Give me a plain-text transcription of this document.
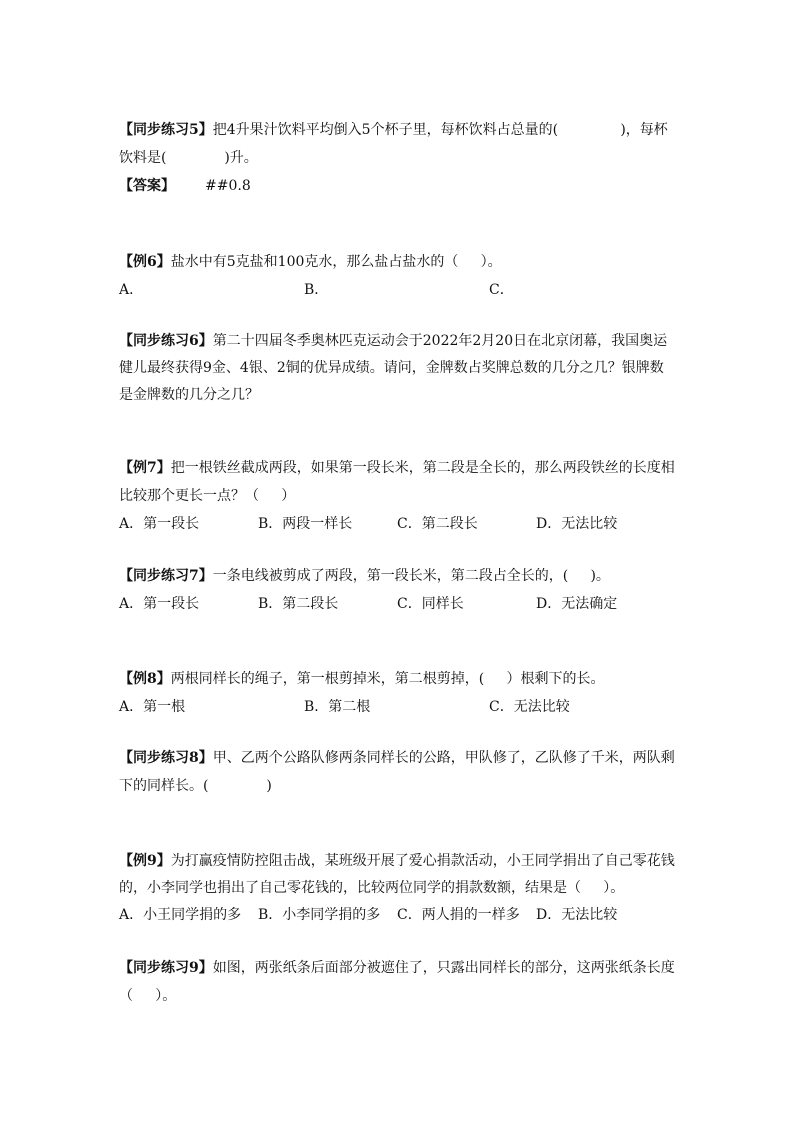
【同步练习5】把4升果汁饮料平均倒入5个杯子里，每杯饮料占总量的(              )，每杯
饮料是(             )升。
【答案】 ##0.8
【例6】盐水中有5克盐和100克水，那么盐占盐水的（     ）。
A．	B．	C．
【同步练习6】第二十四届冬季奥林匹克运动会于2022年2月20日在北京闭幕，我国奥运
健儿最终获得9金、4银、2铜的优异成绩。请问，金牌数占奖牌总数的几分之几？银牌数
是金牌数的几分之几？
【例7】把一根铁丝截成两段，如果第一段长米，第二段是全长的，那么两段铁丝的长度相
比较那个更长一点？（     ）
A．第一段长	B．两段一样长	C．第二段长	D．无法比较
【同步练习7】一条电线被剪成了两段，第一段长米，第二段占全长的，(     )。
A．第一段长	B．第二段长	C．同样长	D．无法确定
【例8】两根同样长的绳子，第一根剪掉米，第二根剪掉，(     ）根剩下的长。
A．第一根	B．第二根	C．无法比较
【同步练习8】甲、乙两个公路队修两条同样长的公路，甲队修了，乙队修了千米，两队剩
下的同样长。(             )
【例9】为打赢疫情防控阻击战，某班级开展了爱心捐款活动，小王同学捐出了自己零花钱
的，小李同学也捐出了自己零花钱的，比较两位同学的捐款数额，结果是（     ）。
A．小王同学捐的多 B．小李同学捐的多 C．两人捐的一样多 D．无法比较
【同步练习9】如图，两张纸条后面部分被遮住了，只露出同样长的部分，这两张纸条长度
（     ）。
